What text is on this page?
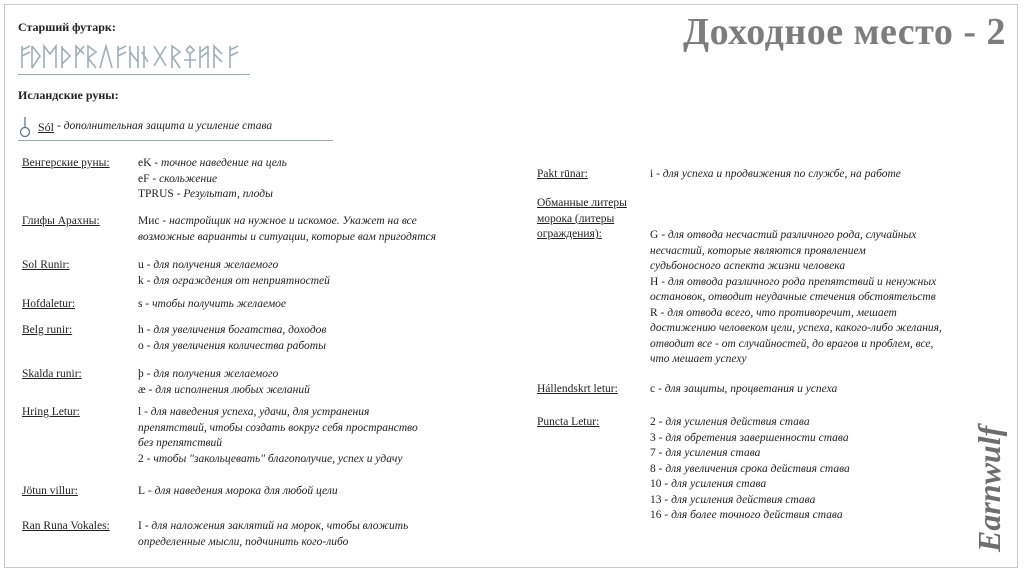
Доходное место - 2
Старший футарк:
Исландские руны:
Sól
- дополнительная защита и усиление става
Венгерские руны: eK - точное наведение на цель
eF - скольжение
TPRUS - Результат, плоды
Глифы Арахны:	Мис - настройщик на нужное и искомое. Укажет на все
возможные варианты и ситуации, которые вам пригодятся
Sol Runir:	u - для получения желаемого
k - для ограждения от неприятностей
Hofdaletur:	s - чтобы получить желаемое
Belg runir:	h - для увеличения богатства, доходов
o - для увеличения количества работы
Skalda runir:	þ - для получения желаемого
æ - для исполнения любых желаний
Hring Letur:	l - для наведения успеха, удачи, для устранения
препятствий, чтобы создать вокруг себя пространство
без препятствий
2 - чтобы "закольцевать" благополучие, успех и удачу
Jötun villur:	L - для наведения морока для любой цели
Ran Runa Vokales: I - для наложения заклятий на морок, чтобы вложить
определенные мысли, подчинить кого-либо
Pakt rūnar:	i - для успеха и продвижения по службе, на работе
Обманные литеры
морока (литеры
ограждения):	G - для отвода несчастий различного рода, случайных
несчастий, которые являются проявлением
судьбоносного аспекта жизни человека
H - для отвода различного рода препятствий и ненужных
остановок, отводит неудачные стечения обстоятельств
R - для отвода всего, что противоречит, мешает
достижению человеком цели, успеха, какого-либо желания,
отводит все - от случайностей, до врагов и проблем, все,
что мешает успеху
Hállendskrt letur:	c - для защиты, процветания и успеха
Puncta Letur:	2 - для усиления действия става
3 - для обретения завершенности става
7 - для усиления става
8 - для увеличения срока действия става
10 - для усиления става
13 - для усиления действия става
16 - для более точного действия става	Earnwulf
